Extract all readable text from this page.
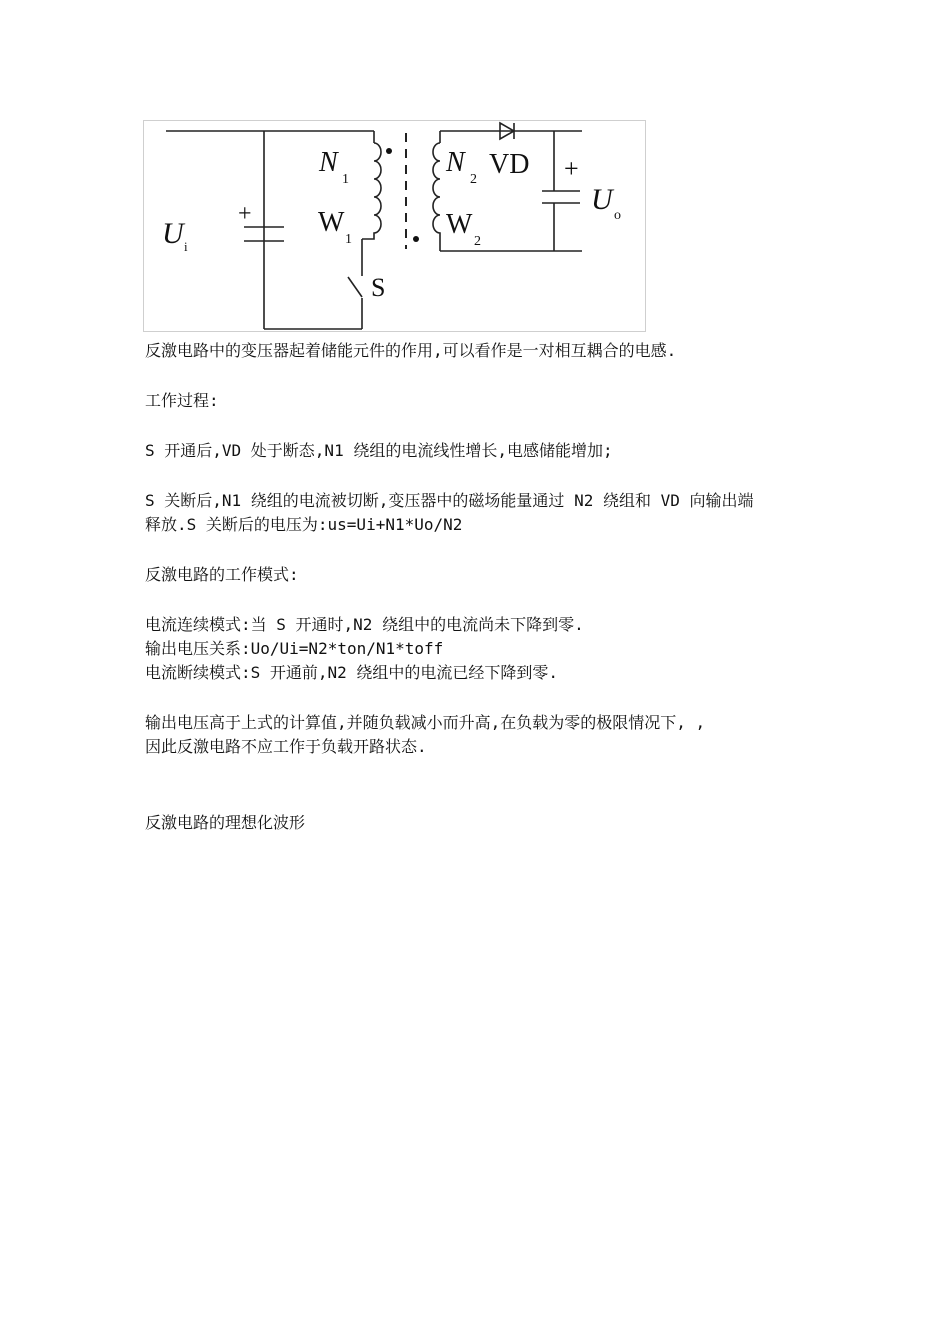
U i
+
N
1
W
1
S
N
2
W
2
VD +
U o
反激电路中的变压器起着储能元件的作用,可以看作是一对相互耦合的电感.
工作过程:
S 开通后,VD 处于断态,N1 绕组的电流线性增长,电感储能增加;
S 关断后,N1 绕组的电流被切断,变压器中的磁场能量通过 N2 绕组和 VD 向输出端
释放.S 关断后的电压为:us=Ui+N1*Uo/N2
反激电路的工作模式:
电流连续模式:当 S 开通时,N2 绕组中的电流尚未下降到零.
输出电压关系:Uo/Ui=N2*ton/N1*toff
电流断续模式:S 开通前,N2 绕组中的电流已经下降到零.
输出电压高于上式的计算值,并随负载减小而升高,在负载为零的极限情况下, ,
因此反激电路不应工作于负载开路状态.
反激电路的理想化波形
